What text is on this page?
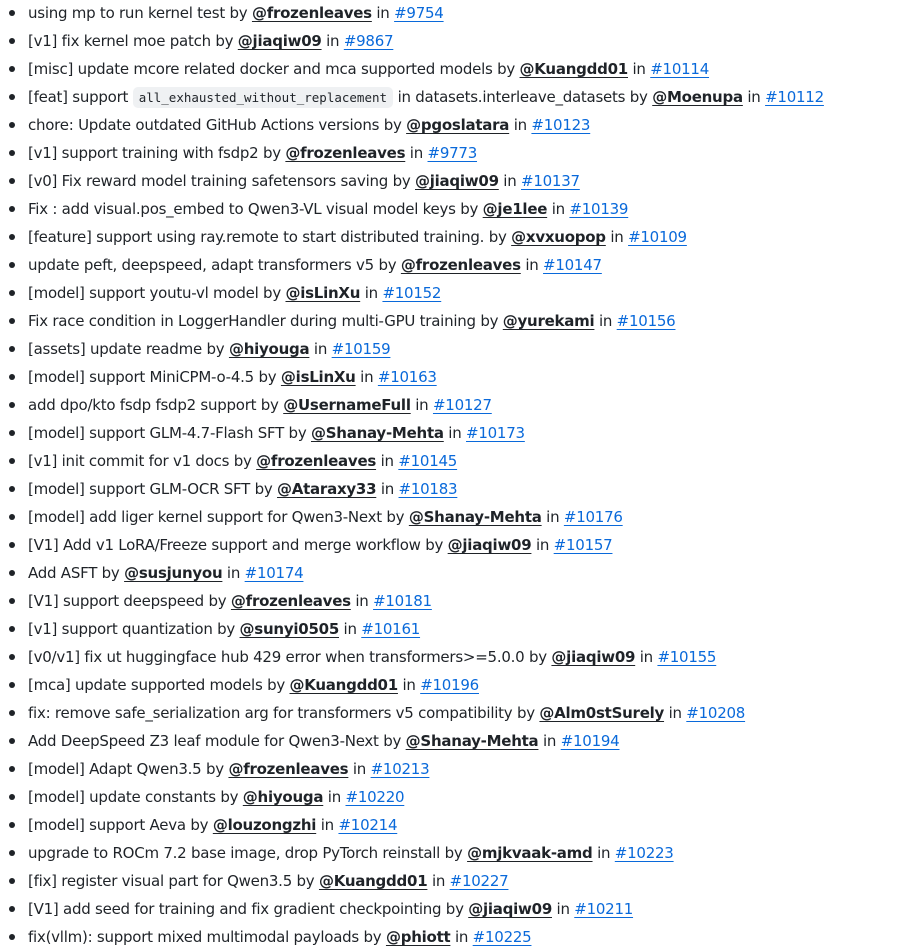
using mp to run kernel test by @frozenleaves in #9754
[v1] fix kernel moe patch by @jiaqiw09 in #9867
[misc] update mcore related docker and mca supported models by @Kuangdd01 in #10114
[feat] support all_exhausted_without_replacement in datasets.interleave_datasets by @Moenupa in #10112
chore: Update outdated GitHub Actions versions by @pgoslatara in #10123
[v1] support training with fsdp2 by @frozenleaves in #9773
[v0] Fix reward model training safetensors saving by @jiaqiw09 in #10137
Fix : add visual.pos_embed to Qwen3-VL visual model keys by @je1lee in #10139
[feature] support using ray.remote to start distributed training. by @xvxuopop in #10109
update peft, deepspeed, adapt transformers v5 by @frozenleaves in #10147
[model] support youtu-vl model by @isLinXu in #10152
Fix race condition in LoggerHandler during multi-GPU training by @yurekami in #10156
[assets] update readme by @hiyouga in #10159
[model] support MiniCPM-o-4.5 by @isLinXu in #10163
add dpo/kto fsdp fsdp2 support by @UsernameFull in #10127
[model] support GLM-4.7-Flash SFT by @Shanay-Mehta in #10173
[v1] init commit for v1 docs by @frozenleaves in #10145
[model] support GLM-OCR SFT by @Ataraxy33 in #10183
[model] add liger kernel support for Qwen3-Next by @Shanay-Mehta in #10176
[V1] Add v1 LoRA/Freeze support and merge workflow by @jiaqiw09 in #10157
Add ASFT by @susjunyou in #10174
[V1] support deepspeed by @frozenleaves in #10181
[v1] support quantization by @sunyi0505 in #10161
[v0/v1] fix ut huggingface hub 429 error when transformers>=5.0.0 by @jiaqiw09 in #10155
[mca] update supported models by @Kuangdd01 in #10196
fix: remove safe_serialization arg for transformers v5 compatibility by @Alm0stSurely in #10208
Add DeepSpeed Z3 leaf module for Qwen3-Next by @Shanay-Mehta in #10194
[model] Adapt Qwen3.5 by @frozenleaves in #10213
[model] update constants by @hiyouga in #10220
[model] support Aeva by @louzongzhi in #10214
upgrade to ROCm 7.2 base image, drop PyTorch reinstall by @mjkvaak-amd in #10223
[fix] register visual part for Qwen3.5 by @Kuangdd01 in #10227
[V1] add seed for training and fix gradient checkpointing by @jiaqiw09 in #10211
fix(vllm): support mixed multimodal payloads by @phiott in #10225
